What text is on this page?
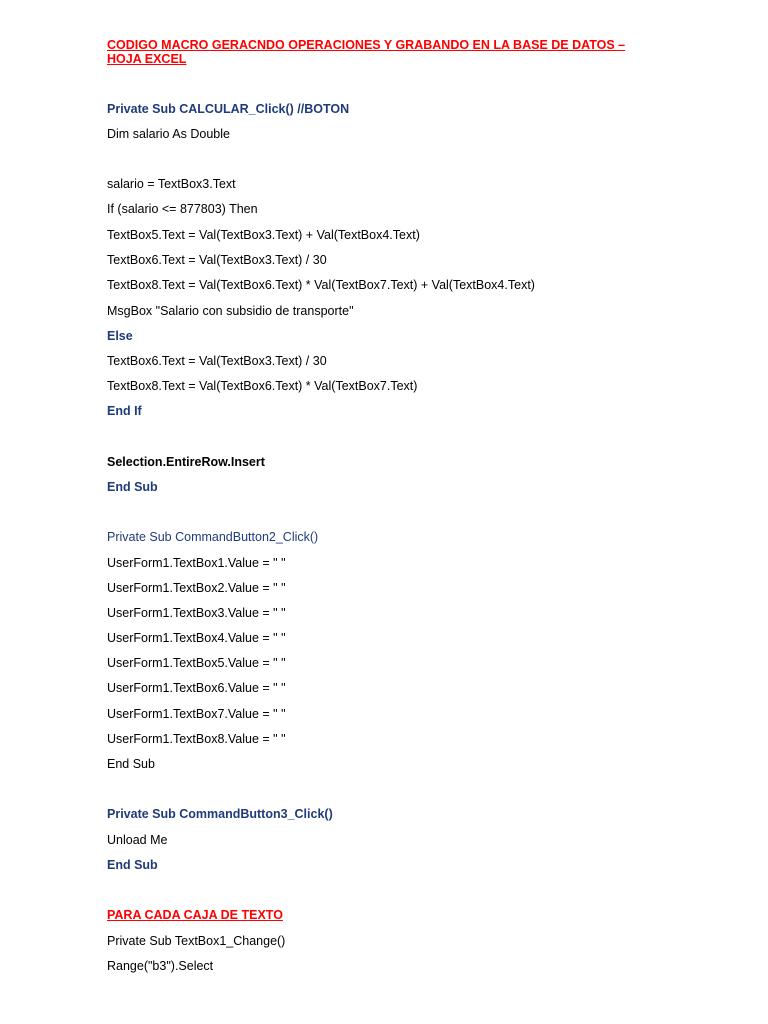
CODIGO MACRO GERACNDO OPERACIONES Y GRABANDO EN LA BASE DE DATOS –
HOJA EXCEL
Private Sub CALCULAR_Click() //BOTON
Dim salario As Double
salario = TextBox3.Text
If (salario <= 877803) Then
TextBox5.Text = Val(TextBox3.Text) + Val(TextBox4.Text)
TextBox6.Text = Val(TextBox3.Text) / 30
TextBox8.Text = Val(TextBox6.Text) * Val(TextBox7.Text) + Val(TextBox4.Text)
MsgBox "Salario con subsidio de transporte"
Else
TextBox6.Text = Val(TextBox3.Text) / 30
TextBox8.Text = Val(TextBox6.Text) * Val(TextBox7.Text)
End If
Selection.EntireRow.Insert
End Sub
Private Sub CommandButton2_Click()
UserForm1.TextBox1.Value = " "
UserForm1.TextBox2.Value = " "
UserForm1.TextBox3.Value = " "
UserForm1.TextBox4.Value = " "
UserForm1.TextBox5.Value = " "
UserForm1.TextBox6.Value = " "
UserForm1.TextBox7.Value = " "
UserForm1.TextBox8.Value = " "
End Sub
Private Sub CommandButton3_Click()
Unload Me
End Sub
PARA CADA CAJA DE TEXTO
Private Sub TextBox1_Change()
Range("b3").Select
